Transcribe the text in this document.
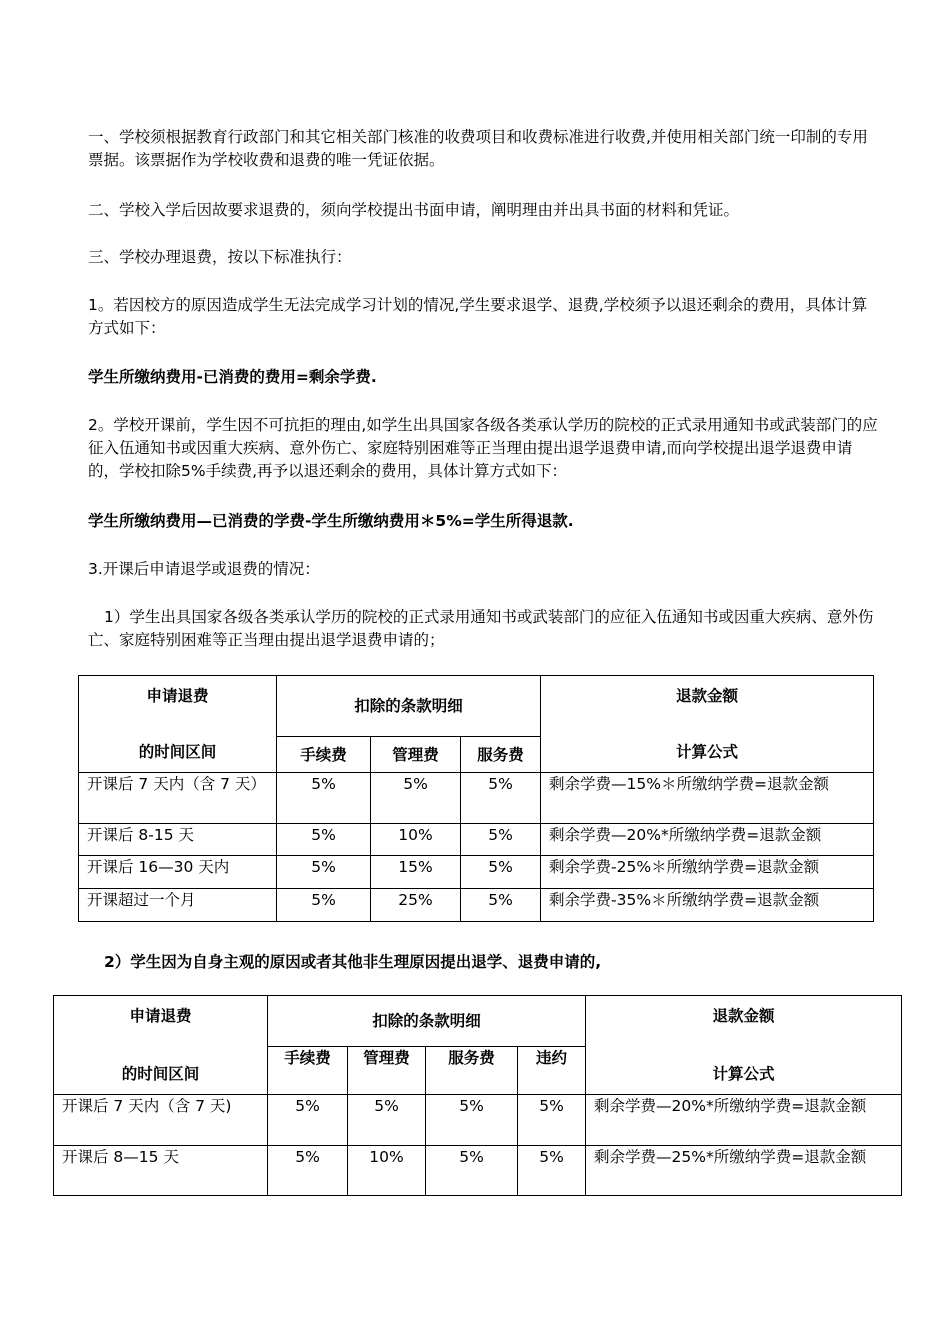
一、学校须根据教育行政部门和其它相关部门核准的收费项目和收费标准进行收费,并使用相关部门统一印制的专用票据。该票据作为学校收费和退费的唯一凭证依据。

二、学校入学后因故要求退费的，须向学校提出书面申请，阐明理由并出具书面的材料和凭证。

三、学校办理退费，按以下标准执行：

1。若因校方的原因造成学生无法完成学习计划的情况,学生要求退学、退费,学校须予以退还剩余的费用，具体计算方式如下：

学生所缴纳费用-已消费的费用=剩余学费.

2。学校开课前，学生因不可抗拒的理由,如学生出具国家各级各类承认学历的院校的正式录用通知书或武装部门的应征入伍通知书或因重大疾病、意外伤亡、家庭特别困难等正当理由提出退学退费申请,而向学校提出退学退费申请的，学校扣除5%手续费,再予以退还剩余的费用，具体计算方式如下：

学生所缴纳费用—已消费的学费-学生所缴纳费用＊5%=学生所得退款.

3.开课后申请退学或退费的情况：

1）学生出具国家各级各类承认学历的院校的正式录用通知书或武装部门的应征入伍通知书或因重大疾病、意外伤亡、家庭特别困难等正当理由提出退学退费申请的；

申请退费
的时间区间	扣除的条款明细			退款金额
计算公式

	手续费	管理费	服务费	
开课后 7 天内（含 7 天）	5%	5%	5%	剩余学费—15%＊所缴纳学费=退款金额
开课后 8-15 天	5%	10%	5%	剩余学费—20%*所缴纳学费=退款金额
开课后 16—30 天内	5%	15%	5%	剩余学费-25%＊所缴纳学费=退款金额
开课超过一个月	5%	25%	5%	剩余学费-35%＊所缴纳学费=退款金额

2）学生因为自身主观的原因或者其他非生理原因提出退学、退费申请的,

申请退费
的时间区间	扣除的条款明细				退款金额
计算公式

	手续费	管理费	服务费	违约	
开课后 7 天内（含 7 天)	5%	5%	5%	5%	剩余学费—20%*所缴纳学费=退款金额
开课后 8—15 天	5%	10%	5%	5%	剩余学费—25%*所缴纳学费=退款金额
